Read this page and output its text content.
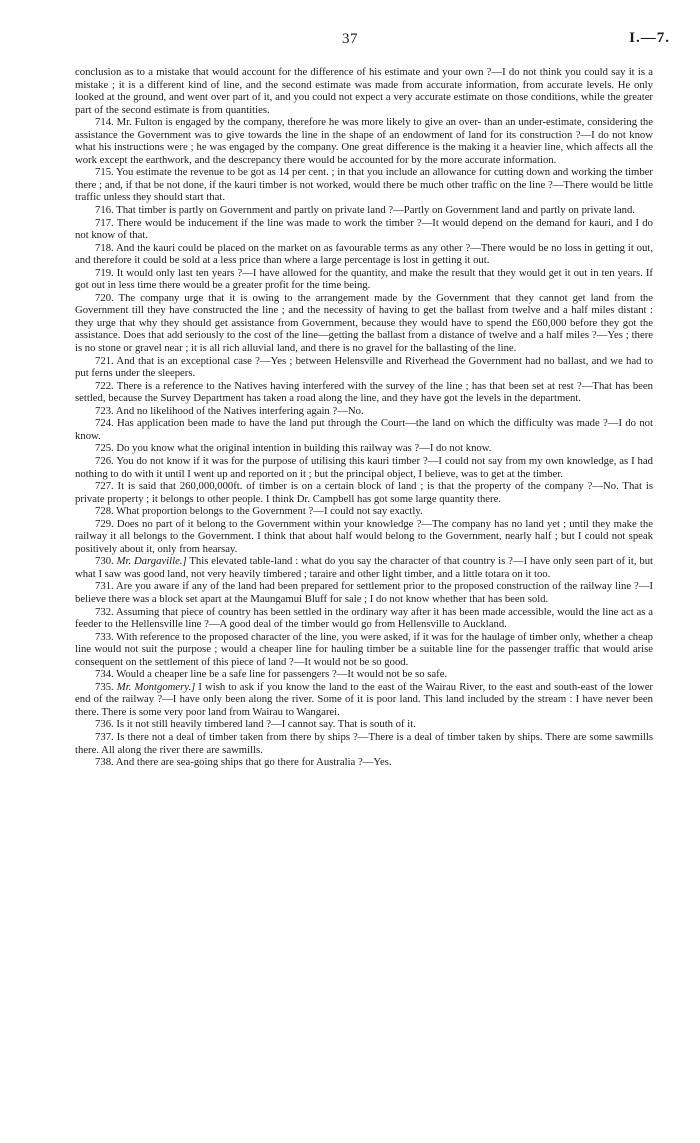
37	I.—7.

conclusion as to a mistake that would account for the difference of his estimate and your own ?—I do not think you could say it is a mistake ; it is a different kind of line, and the second estimate was made from accurate information, from accurate levels. He only looked at the ground, and went over part of it, and you could not expect a very accurate estimate on those conditions, while the greater part of the second estimate is from quantities.

714. Mr. Fulton is engaged by the company, therefore he was more likely to give an over- than an under-estimate, considering the assistance the Government was to give towards the line in the shape of an endowment of land for its construction ?—I do not know what his instructions were ; he was engaged by the company. One great difference is the making it a heavier line, which affects all the work except the earthwork, and the descrepancy there would be accounted for by the more accurate information.

715. You estimate the revenue to be got as 14 per cent. ; in that you include an allowance for cutting down and working the timber there ; and, if that be not done, if the kauri timber is not worked, would there be much other traffic on the line ?—There would be little traffic unless they should start that.

716. That timber is partly on Government and partly on private land ?—Partly on Government land and partly on private land.

717. There would be inducement if the line was made to work the timber ?—It would depend on the demand for kauri, and I do not know of that.

718. And the kauri could be placed on the market on as favourable terms as any other ?—There would be no loss in getting it out, and therefore it could be sold at a less price than where a large percentage is lost in getting it out.

719. It would only last ten years ?—I have allowed for the quantity, and make the result that they would get it out in ten years. If got out in less time there would be a greater profit for the time being.

720. The company urge that it is owing to the arrangement made by the Government that they cannot get land from the Government till they have constructed the line ; and the necessity of having to get the ballast from twelve and a half miles distant : they urge that why they should get assistance from Government, because they would have to spend the £60,000 before they got the assistance. Does that add seriously to the cost of the line—getting the ballast from a distance of twelve and a half miles ?—Yes ; there is no stone or gravel near ; it is all rich alluvial land, and there is no gravel for the ballasting of the line.

721. And that is an exceptional case ?—Yes ; between Helensville and Riverhead the Government had no ballast, and we had to put ferns under the sleepers.

722. There is a reference to the Natives having interfered with the survey of the line ; has that been set at rest ?—That has been settled, because the Survey Department has taken a road along the line, and they have got the levels in the department.

723. And no likelihood of the Natives interfering again ?—No.

724. Has application been made to have the land put through the Court—the land on which the difficulty was made ?—I do not know.

725. Do you know what the original intention in building this railway was ?—I do not know.

726. You do not know if it was for the purpose of utilising this kauri timber ?—I could not say from my own knowledge, as I had nothing to do with it until I went up and reported on it ; but the principal object, I believe, was to get at the timber.

727. It is said that 260,000,000ft. of timber is on a certain block of land ; is that the property of the company ?—No. That is private property ; it belongs to other people. I think Dr. Campbell has got some large quantity there.

728. What proportion belongs to the Government ?—I could not say exactly.

729. Does no part of it belong to the Government within your knowledge ?—The company has no land yet ; until they make the railway it all belongs to the Government. I think that about half would belong to the Government, nearly half ; but I could not speak positively about it, only from hearsay.

730. Mr. Dargaville.] This elevated table-land : what do you say the character of that country is ?—I have only seen part of it, but what I saw was good land, not very heavily timbered ; taraire and other light timber, and a little totara on it too.

731. Are you aware if any of the land had been prepared for settlement prior to the proposed construction of the railway line ?—I believe there was a block set apart at the Maungamui Bluff for sale ; I do not know whether that has been sold.

732. Assuming that piece of country has been settled in the ordinary way after it has been made accessible, would the line act as a feeder to the Hellensville line ?—A good deal of the timber would go from Hellensville to Auckland.

733. With reference to the proposed character of the line, you were asked, if it was for the haulage of timber only, whether a cheap line would not suit the purpose ; would a cheaper line for hauling timber be a suitable line for the passenger traffic that would arise consequent on the settlement of this piece of land ?—It would not be so good.

734. Would a cheaper line be a safe line for passengers ?—It would not be so safe.

735. Mr. Montgomery.] I wish to ask if you know the land to the east of the Wairau River, to the east and south-east of the lower end of the railway ?—I have only been along the river. Some of it is poor land. This land included by the stream : I have never been there. There is some very poor land from Wairau to Wangarei.

736. Is it not still heavily timbered land ?—I cannot say. That is south of it.

737. Is there not a deal of timber taken from there by ships ?—There is a deal of timber taken by ships. There are some sawmills there. All along the river there are sawmills.

738. And there are sea-going ships that go there for Australia ?—Yes.
